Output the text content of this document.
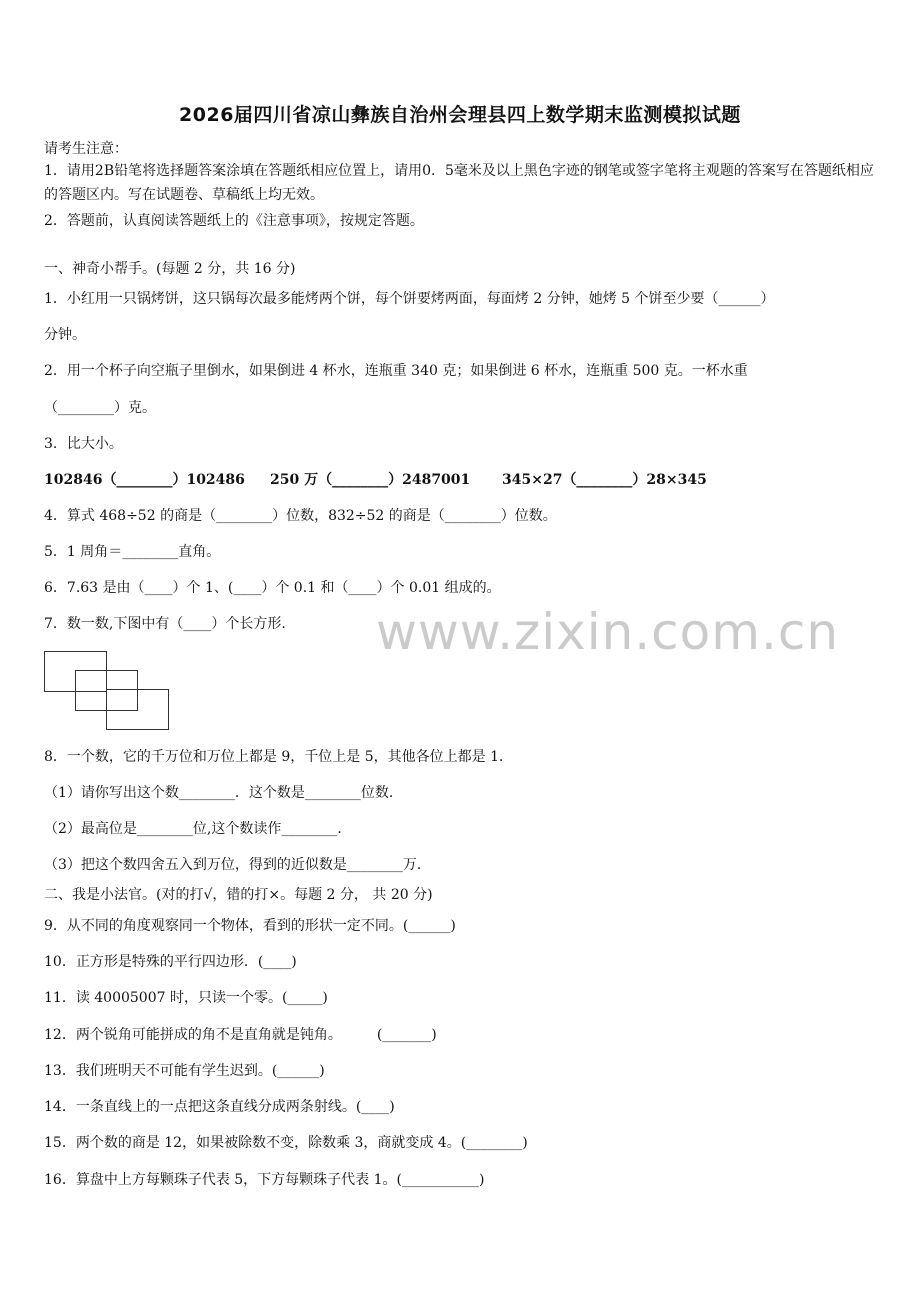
2026届四川省凉山彝族自治州会理县四上数学期末监测模拟试题
请考生注意：
1．请用2B铅笔将选择题答案涂填在答题纸相应位置上，请用0．5毫米及以上黑色字迹的钢笔或签字笔将主观题的答案写在答题纸相应的答题区内。写在试题卷、草稿纸上均无效。
2．答题前，认真阅读答题纸上的《注意事项》，按规定答题。
一、神奇小帮手。(每题 2 分，共 16 分)
1．小红用一只锅烤饼，这只锅每次最多能烤两个饼，每个饼要烤两面，每面烤 2 分钟，她烤 5 个饼至少要（______）
分钟。
2．用一个杯子向空瓶子里倒水，如果倒进 4 杯水，连瓶重 340 克；如果倒进 6 杯水，连瓶重 500 克。一杯水重
（________）克。
3．比大小。
102846（________）102486 250 万（________）2487001 345×27（________）28×345
4．算式 468÷52 的商是（________）位数，832÷52 的商是（________）位数。
5．1 周角＝________直角。
6．7.63 是由（____）个 1、(____）个 0.1 和（____）个 0.01 组成的。
7．数一数,下图中有（____）个长方形.
8．一个数，它的千万位和万位上都是 9，千位上是 5，其他各位上都是 1．
（1）请你写出这个数________．这个数是________位数．
（2）最高位是________位,这个数读作________．
（3）把这个数四舍五入到万位，得到的近似数是________万．
二、我是小法官。(对的打√，错的打×。每题 2 分， 共 20 分)
9．从不同的角度观察同一个物体，看到的形状一定不同。(______)
10．正方形是特殊的平行四边形．(____)
11．读 40005007 时，只读一个零。(_____)
12．两个锐角可能拼成的角不是直角就是钝角。　　　(_______)
13．我们班明天不可能有学生迟到。(______)
14．一条直线上的一点把这条直线分成两条射线。(____)
15．两个数的商是 12，如果被除数不变，除数乘 3，商就变成 4。(________)
16．算盘中上方每颗珠子代表 5，下方每颗珠子代表 1。(___________)
www.zixin.com.cn
